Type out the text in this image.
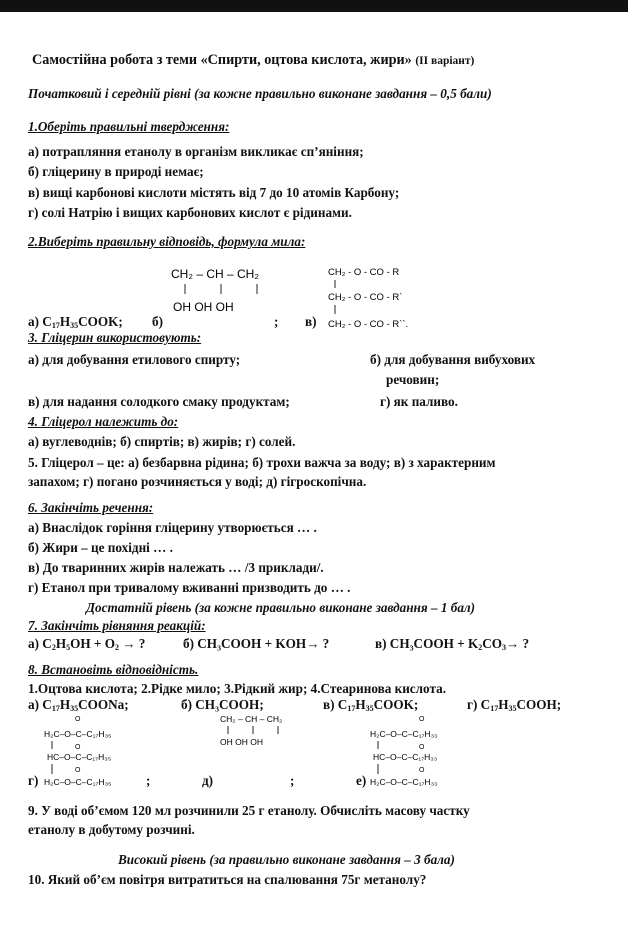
Самостійна робота з теми «Спирти, оцтова кислота, жири» (ІІ варіант)
Початковий і середній рівні (за кожне правильно виконане завдання – 0,5 бали)
1.Оберіть правильні твердження:
а) потрапляння етанолу в організм викликає сп’яніння;
б) гліцерину в природі немає;
в) вищі карбонові кислоти містять від 7 до 10 атомів Карбону;
г) солі Натрію і вищих карбонових кислот є рідинами.
2.Виберіть правильну відповідь, формула мила:
CH₂ – CH – CH₂
OH OH OH
CH₂ - O - CO - R
CH₂ - O - CO - R`
CH₂ - O - CO - R``.
а) $C_{17}H_{35}COOK$; б)	; в)
3. Гліцерин використовують:
а) для добування етилового спирту;	б) для добування вибухових
речовин;
в) для надання солодкого смаку продуктам;	г) як паливо.
4. Гліцерол належить до:
а) вуглеводнів; б) спиртів; в) жирів; г) солей.
5. Гліцерол – це: а) безбарвна рідина; б) трохи важча за воду; в) з характерним
запахом; г) погано розчиняється у воді; д) гігроскопічна.
6. Закінчіть речення:
а) Внаслідок горіння гліцерину утворюється … .
б) Жири – це похідні … .
в) До тваринних жирів належать … /3 приклади/.
г) Етанол при тривалому вживанні призводить до … .
Достатній рівень (за кожне правильно виконане завдання – 1 бал)
7. Закінчіть рівняння реакцій:
а) $C_2H_5OH + O_2$ → ?	б) CH₃COOH + KOH→ ?	в) CH₃COOH + $K_2CO_3\to$ ?
8. Встановіть відповідність.
1.Оцтова кислота; 2.Рідке мило; 3.Рідкий жир; 4.Стеаринова кислота.
а) $C_{17}H_{35}COONa$;	б) CH₃COOH;	в) $C_{17}H_{35}COOK$;	г) $C_{17}H_{35}COOH$;
O
H₂C–O–C–C₁₇H₃₅
O
HC–O–C–C₁₇H₃₅
O
H₂C–O–C–C₁₇H₃₅
CH₂ – CH – CH₂
OH OH OH
O
H₂C–O–C–C₁₇H₃₃
O
HC–O–C–C₁₇H₃₃
O
H₂C–O–C–C₁₇H₃₃
г)	;	д)	;	е)
9. У воді об’ємом 120 мл розчинили 25 г етанолу. Обчисліть масову частку
етанолу в добутому розчині.
Високий рівень (за правильно виконане завдання – 3 бала)
10. Який об’єм повітря витратиться на спалювання 75г метанолу?
